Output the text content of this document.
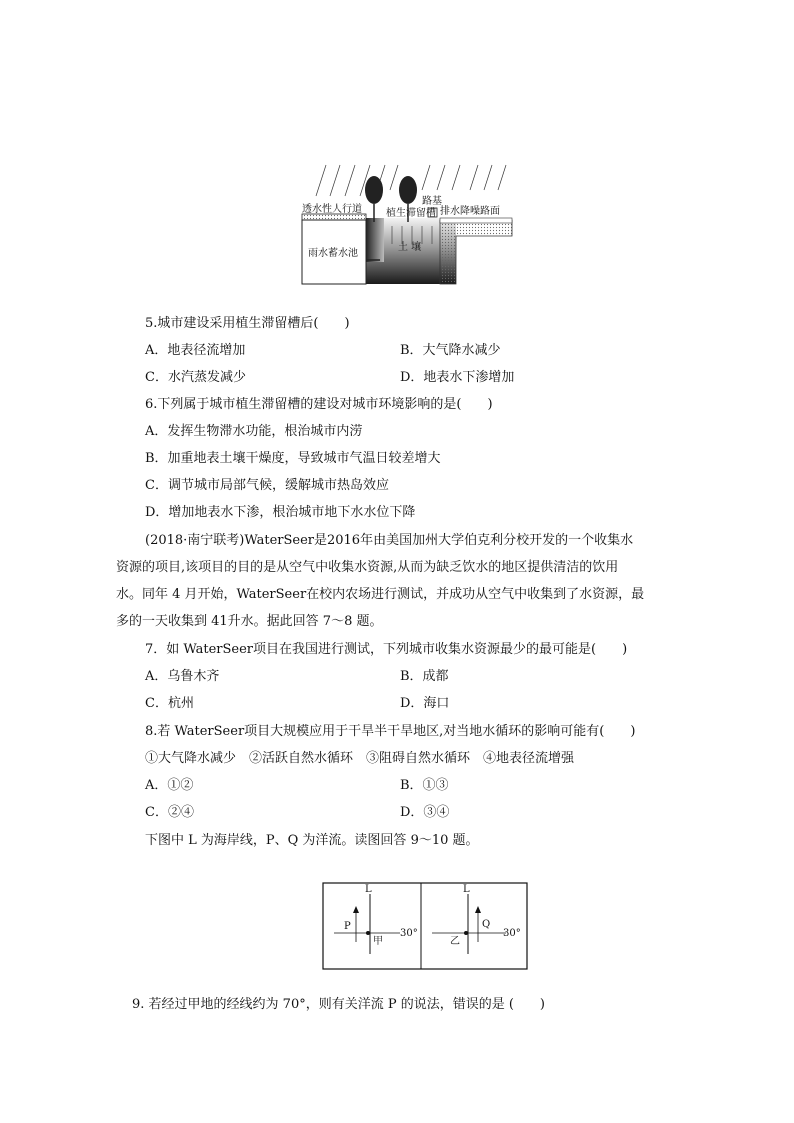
透水性人行道 植生滞留槽
路基
排水降噪路面
土 壤
雨水蓄水池
5.城市建设采用植生滞留槽后(　　)
A．地表径流增加	B．大气降水减少
C．水汽蒸发减少	D．地表水下渗增加
6.下列属于城市植生滞留槽的建设对城市环境影响的是(　　)
A．发挥生物滞水功能，根治城市内涝
B．加重地表土壤干燥度，导致城市气温日较差增大
C．调节城市局部气候，缓解城市热岛效应
D．增加地表水下渗，根治城市地下水水位下降
(2018·南宁联考)WaterSeer是2016年由美国加州大学伯克利分校开发的一个收集水
资源的项目,该项目的目的是从空气中收集水资源,从而为缺乏饮水的地区提供清洁的饮用
水。同年 4 月开始，WaterSeer在校内农场进行测试，并成功从空气中收集到了水资源，最
多的一天收集到 41升水。据此回答 7～8 题。
7．如 WaterSeer项目在我国进行测试，下列城市收集水资源最少的最可能是(　　)
A．乌鲁木齐	B．成都
C．杭州	D．海口
8.若 WaterSeer项目大规模应用于干旱半干旱地区,对当地水循环的影响可能有(　　)
①大气降水减少　②活跃自然水循环　③阻碍自然水循环　④地表径流增强
A．①②	B．①③
C．②④	D．③④
下图中 L 为海岸线，P、Q 为洋流。读图回答 9～10 题。
L
P
30°
甲
L
Q
30°
乙
9. 若经过甲地的经线约为 70°，则有关洋流 P 的说法，错误的是 (　　)
